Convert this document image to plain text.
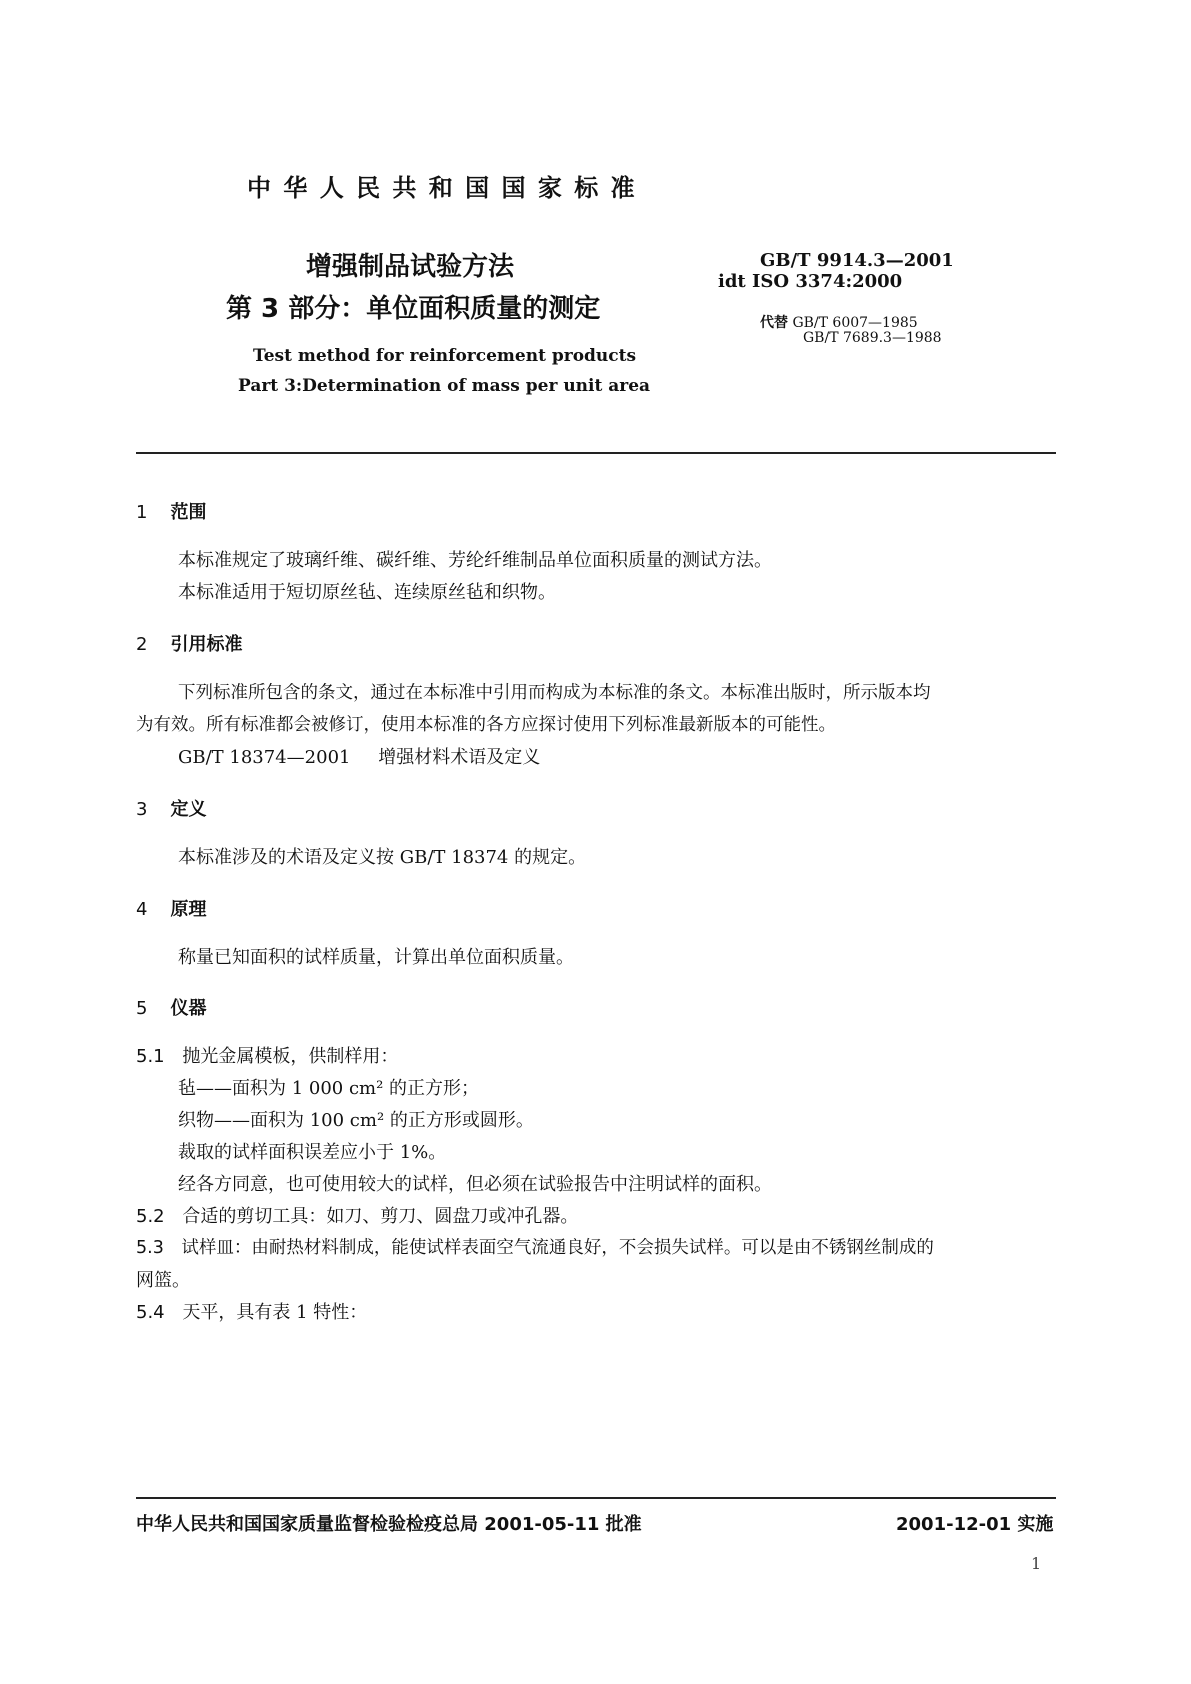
中 华 人 民 共 和 国 国 家 标 准
增强制品试验方法
第 3 部分：单位面积质量的测定
Test method for reinforcement products
Part 3:Determination of mass per unit area
GB/T 9914.3—2001
idt ISO 3374:2000
代替 GB/T 6007—1985
GB/T 7689.3—1988
1 范围
本标准规定了玻璃纤维、碳纤维、芳纶纤维制品单位面积质量的测试方法。
本标准适用于短切原丝毡、连续原丝毡和织物。
2 引用标准
下列标准所包含的条文，通过在本标准中引用而构成为本标准的条文。本标准出版时，所示版本均
为有效。所有标准都会被修订，使用本标准的各方应探讨使用下列标准最新版本的可能性。
GB/T 18374—2001 增强材料术语及定义
3 定义
本标准涉及的术语及定义按 GB/T 18374 的规定。
4 原理
称量已知面积的试样质量，计算出单位面积质量。
5 仪器
5.1 抛光金属模板，供制样用：
毡——面积为 1 000 cm² 的正方形；
织物——面积为 100 cm² 的正方形或圆形。
裁取的试样面积误差应小于 1%。
经各方同意，也可使用较大的试样，但必须在试验报告中注明试样的面积。
5.2 合适的剪切工具：如刀、剪刀、圆盘刀或冲孔器。
5.3 试样皿：由耐热材料制成，能使试样表面空气流通良好，不会损失试样。可以是由不锈钢丝制成的
网篮。
5.4 天平，具有表 1 特性：
中华人民共和国国家质量监督检验检疫总局 2001-05-11 批准	2001-12-01 实施
1
